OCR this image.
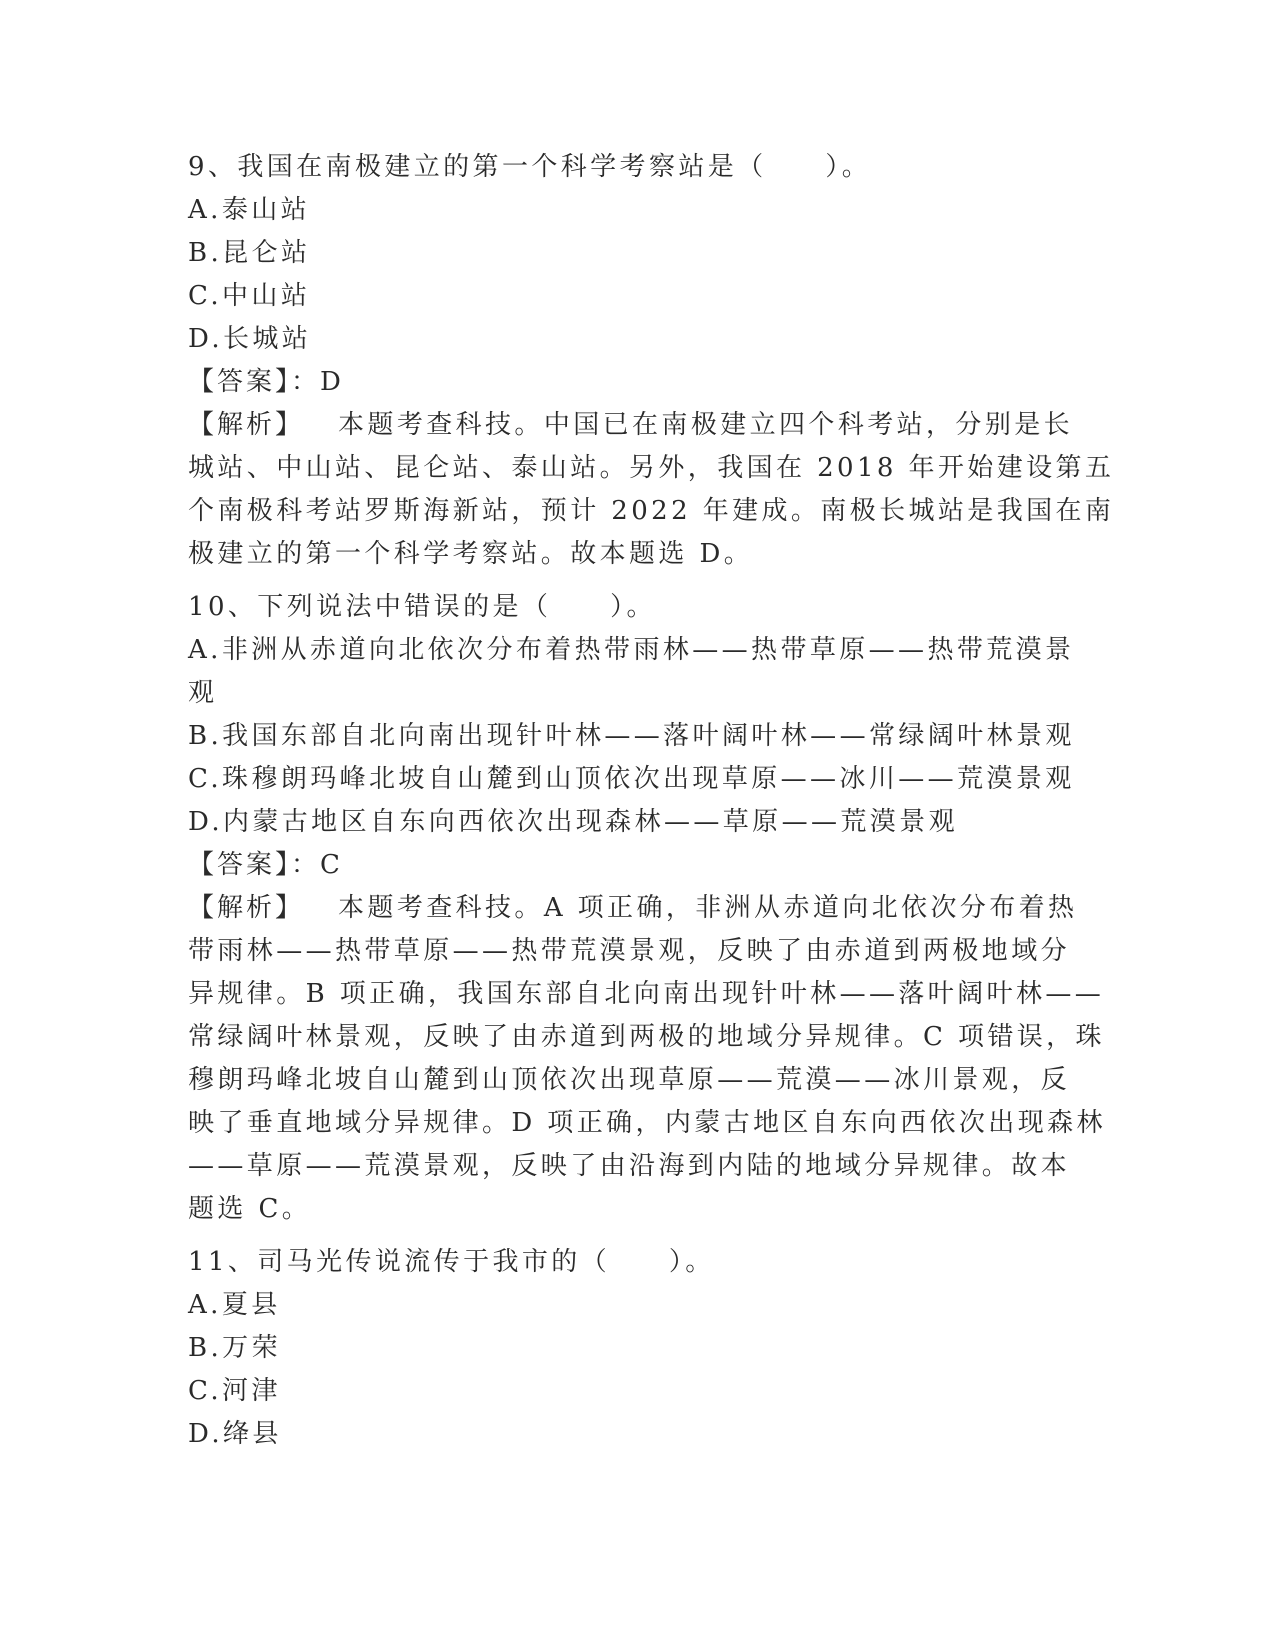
9、我国在南极建立的第一个科学考察站是（　　）。
A.泰山站
B.昆仑站
C.中山站
D.长城站
【答案】：D
【解析】 本题考查科技。中国已在南极建立四个科考站，分别是长
城站、中山站、昆仑站、泰山站。另外，我国在 2018 年开始建设第五
个南极科考站罗斯海新站，预计 2022 年建成。南极长城站是我国在南
极建立的第一个科学考察站。故本题选 D。
10、下列说法中错误的是（　　）。
A.非洲从赤道向北依次分布着热带雨林——热带草原——热带荒漠景
观
B.我国东部自北向南出现针叶林——落叶阔叶林——常绿阔叶林景观
C.珠穆朗玛峰北坡自山麓到山顶依次出现草原——冰川——荒漠景观
D.内蒙古地区自东向西依次出现森林——草原——荒漠景观
【答案】：C
【解析】 本题考查科技。A 项正确，非洲从赤道向北依次分布着热
带雨林——热带草原——热带荒漠景观，反映了由赤道到两极地域分
异规律。B 项正确，我国东部自北向南出现针叶林——落叶阔叶林——
常绿阔叶林景观，反映了由赤道到两极的地域分异规律。C 项错误，珠
穆朗玛峰北坡自山麓到山顶依次出现草原——荒漠——冰川景观，反
映了垂直地域分异规律。D 项正确，内蒙古地区自东向西依次出现森林
——草原——荒漠景观，反映了由沿海到内陆的地域分异规律。故本
题选 C。
11、司马光传说流传于我市的（　　）。
A.夏县
B.万荣
C.河津
D.绛县
